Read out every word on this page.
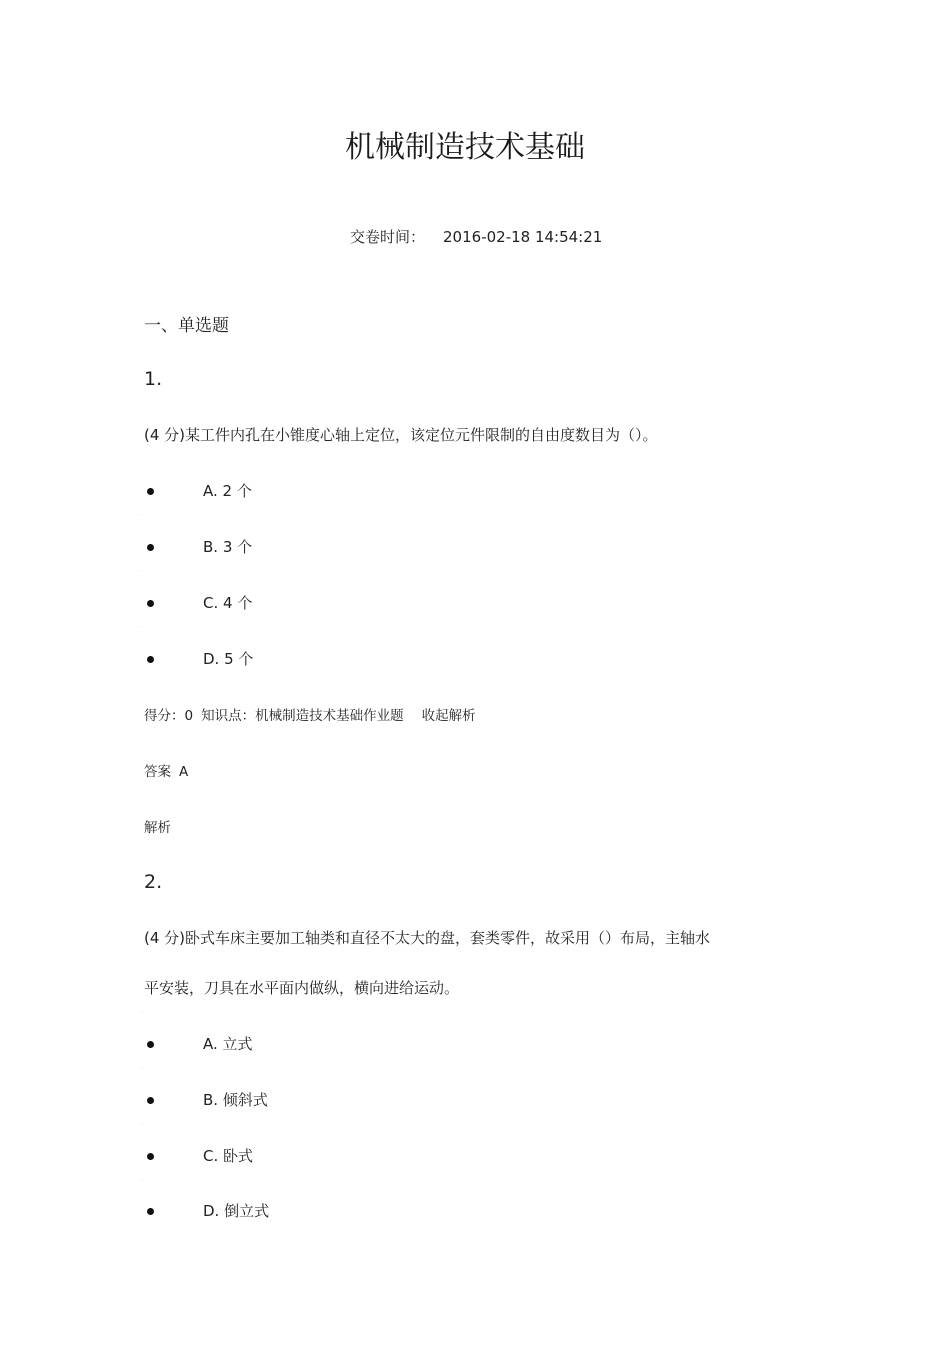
机械制造技术基础
交卷时间： 2016-02-18 14:54:21
一、单选题
1.
(4 分)某工件内孔在小锥度心轴上定位，该定位元件限制的自由度数目为（）。
A. 2 个
·
B. 3 个
·
C. 4 个
·
D. 5 个
得分：0 知识点：机械制造技术基础作业题 收起解析
答案 A
解析
2.
(4 分)卧式车床主要加工轴类和直径不太大的盘，套类零件，故采用（）布局，主轴水
平安装，刀具在水平面内做纵，横向进给运动。
·
A. 立式
·
B. 倾斜式
·
C. 卧式
·
D. 倒立式
